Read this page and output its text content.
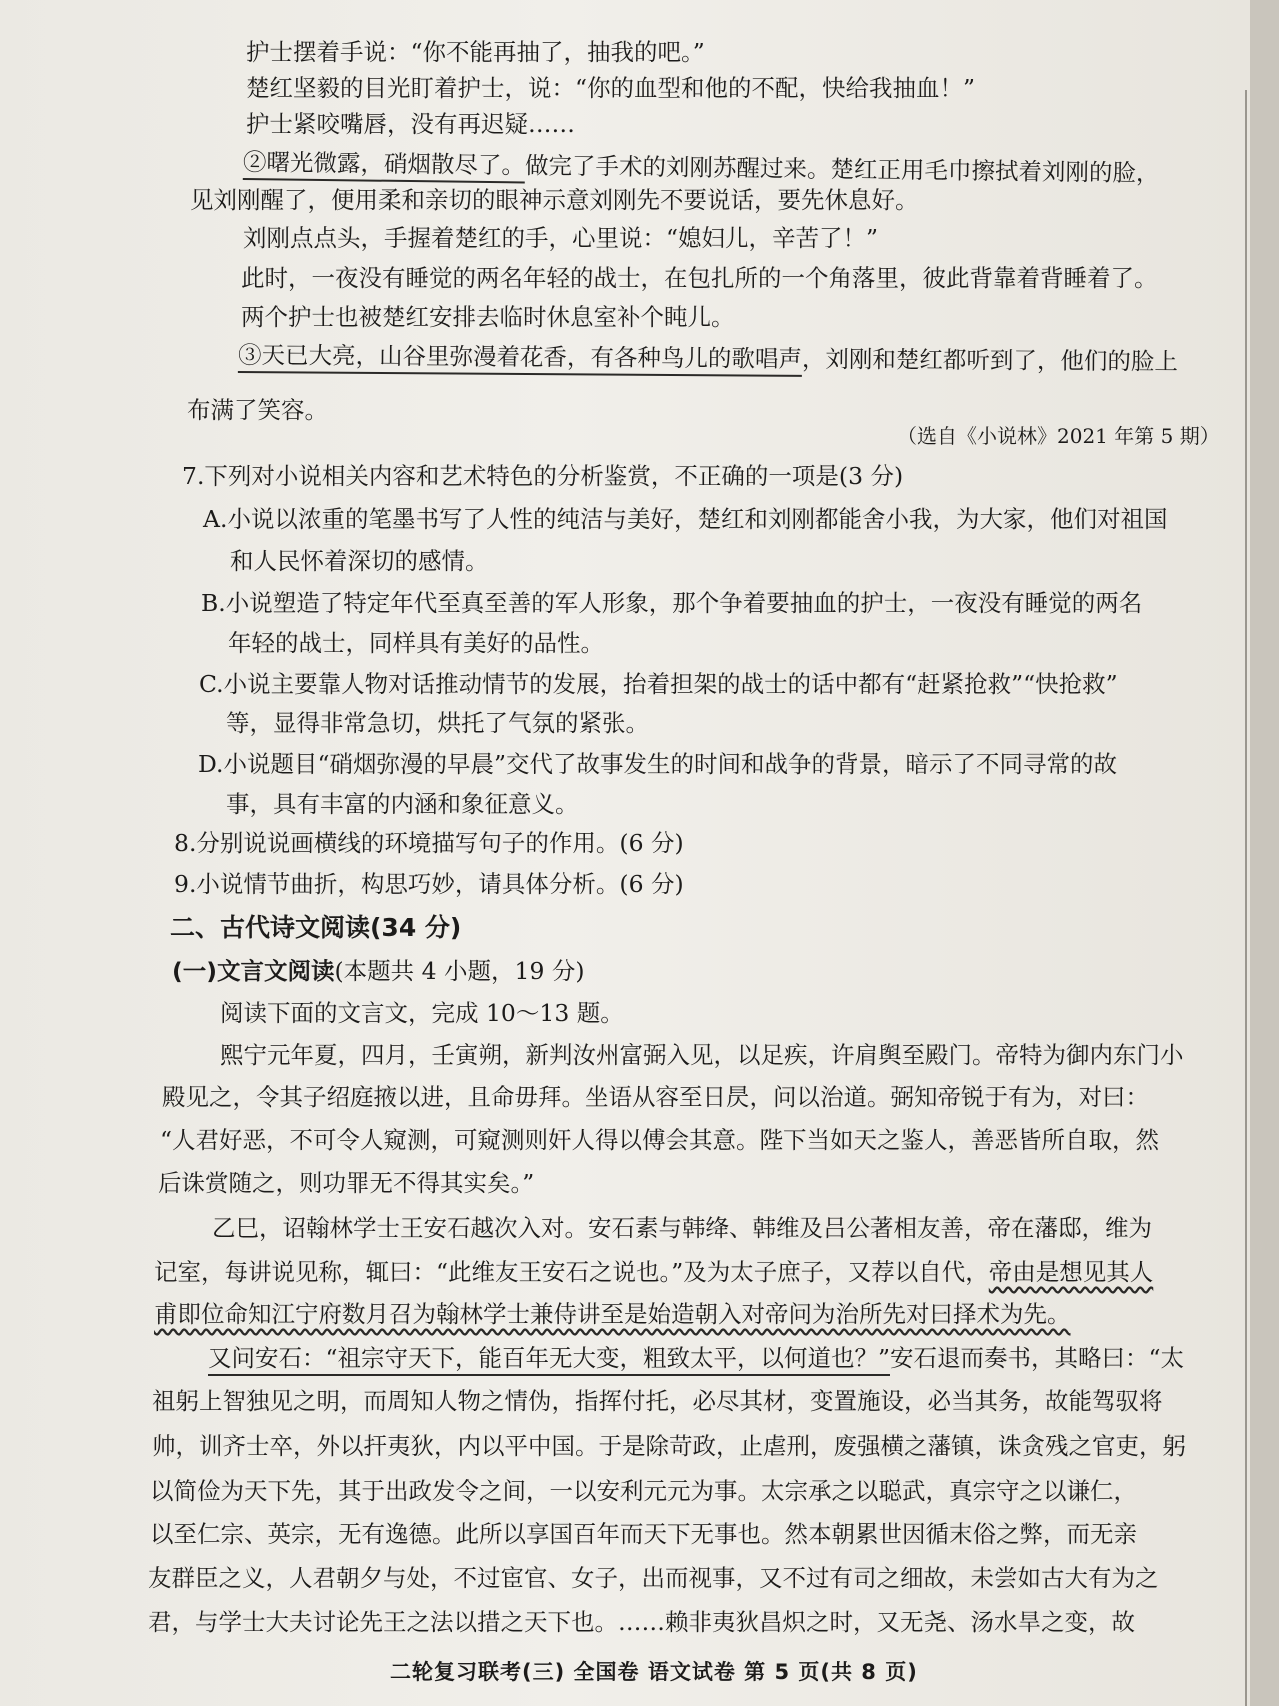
护士摆着手说：“你不能再抽了，抽我的吧。”
楚红坚毅的目光盯着护士，说：“你的血型和他的不配，快给我抽血！”
护士紧咬嘴唇，没有再迟疑……
②曙光微露，硝烟散尽了。做完了手术的刘刚苏醒过来。楚红正用毛巾擦拭着刘刚的脸，
见刘刚醒了，便用柔和亲切的眼神示意刘刚先不要说话，要先休息好。
刘刚点点头，手握着楚红的手，心里说：“媳妇儿，辛苦了！”
此时，一夜没有睡觉的两名年轻的战士，在包扎所的一个角落里，彼此背靠着背睡着了。
两个护士也被楚红安排去临时休息室补个盹儿。
③天已大亮，山谷里弥漫着花香，有各种鸟儿的歌唱声，刘刚和楚红都听到了，他们的脸上
布满了笑容。
（选自《小说林》2021 年第 5 期）
7.下列对小说相关内容和艺术特色的分析鉴赏，不正确的一项是(3 分)
A.小说以浓重的笔墨书写了人性的纯洁与美好，楚红和刘刚都能舍小我，为大家，他们对祖国
和人民怀着深切的感情。
B.小说塑造了特定年代至真至善的军人形象，那个争着要抽血的护士，一夜没有睡觉的两名
年轻的战士，同样具有美好的品性。
C.小说主要靠人物对话推动情节的发展，抬着担架的战士的话中都有“赶紧抢救”“快抢救”
等，显得非常急切，烘托了气氛的紧张。
D.小说题目“硝烟弥漫的早晨”交代了故事发生的时间和战争的背景，暗示了不同寻常的故
事，具有丰富的内涵和象征意义。
8.分别说说画横线的环境描写句子的作用。(6 分)
9.小说情节曲折，构思巧妙，请具体分析。(6 分)
二、古代诗文阅读(34 分)
(一)文言文阅读(本题共 4 小题，19 分)
阅读下面的文言文，完成 10～13 题。
熙宁元年夏，四月，壬寅朔，新判汝州富弼入见，以足疾，许肩舆至殿门。帝特为御内东门小
殿见之，令其子绍庭掖以进，且命毋拜。坐语从容至日昃，问以治道。弼知帝锐于有为，对曰：
“人君好恶，不可令人窥测，可窥测则奸人得以傅会其意。陛下当如天之鉴人，善恶皆所自取，然
后诛赏随之，则功罪无不得其实矣。”
乙巳，诏翰林学士王安石越次入对。安石素与韩绛、韩维及吕公著相友善，帝在藩邸，维为
记室，每讲说见称，辄曰：“此维友王安石之说也。”及为太子庶子，又荐以自代，帝由是想见其人
甫即位命知江宁府数月召为翰林学士兼侍讲至是始造朝入对帝问为治所先对曰择术为先。
又问安石：“祖宗守天下，能百年无大变，粗致太平，以何道也？”安石退而奏书，其略曰：“太
祖躬上智独见之明，而周知人物之情伪，指挥付托，必尽其材，变置施设，必当其务，故能驾驭将
帅，训齐士卒，外以扞夷狄，内以平中国。于是除苛政，止虐刑，废强横之藩镇，诛贪残之官吏，躬
以简俭为天下先，其于出政发令之间，一以安利元元为事。太宗承之以聪武，真宗守之以谦仁，
以至仁宗、英宗，无有逸德。此所以享国百年而天下无事也。然本朝累世因循末俗之弊，而无亲
友群臣之义，人君朝夕与处，不过宦官、女子，出而视事，又不过有司之细故，未尝如古大有为之
君，与学士大夫讨论先王之法以措之天下也。……赖非夷狄昌炽之时，又无尧、汤水旱之变，故
二轮复习联考(三) 全国卷 语文试卷 第 5 页(共 8 页)
